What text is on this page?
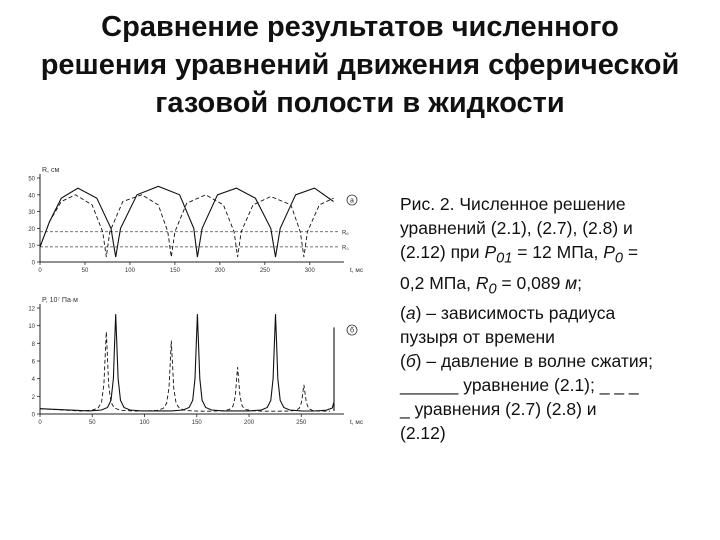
Сравнение результатов численного
решения уравнений движения сферической
газовой полости в жидкости
0
10
20
30
40
50
0	50	100	150	200	250	300	t, мс
R, см
а
Rₑ
R₀
0
2
4
6
8
10
12
0	50	100	150	200	250	t, мс
P, 10⁷ Па·м
б
Рис. 2. Численное решение
уравнений (2.1), (2.7), (2.8) и
(2.12) при $P_{01} = 12$ МПа, $P_0$ =
0,2 МПа, $R_0 = 0,089$ м;
(а) – зависимость радиуса
пузыря от времени
(б) – давление в волне сжатия;
______ уравнение (2.1); _ _ _
_ уравнения (2.7) (2.8) и
(2.12)
